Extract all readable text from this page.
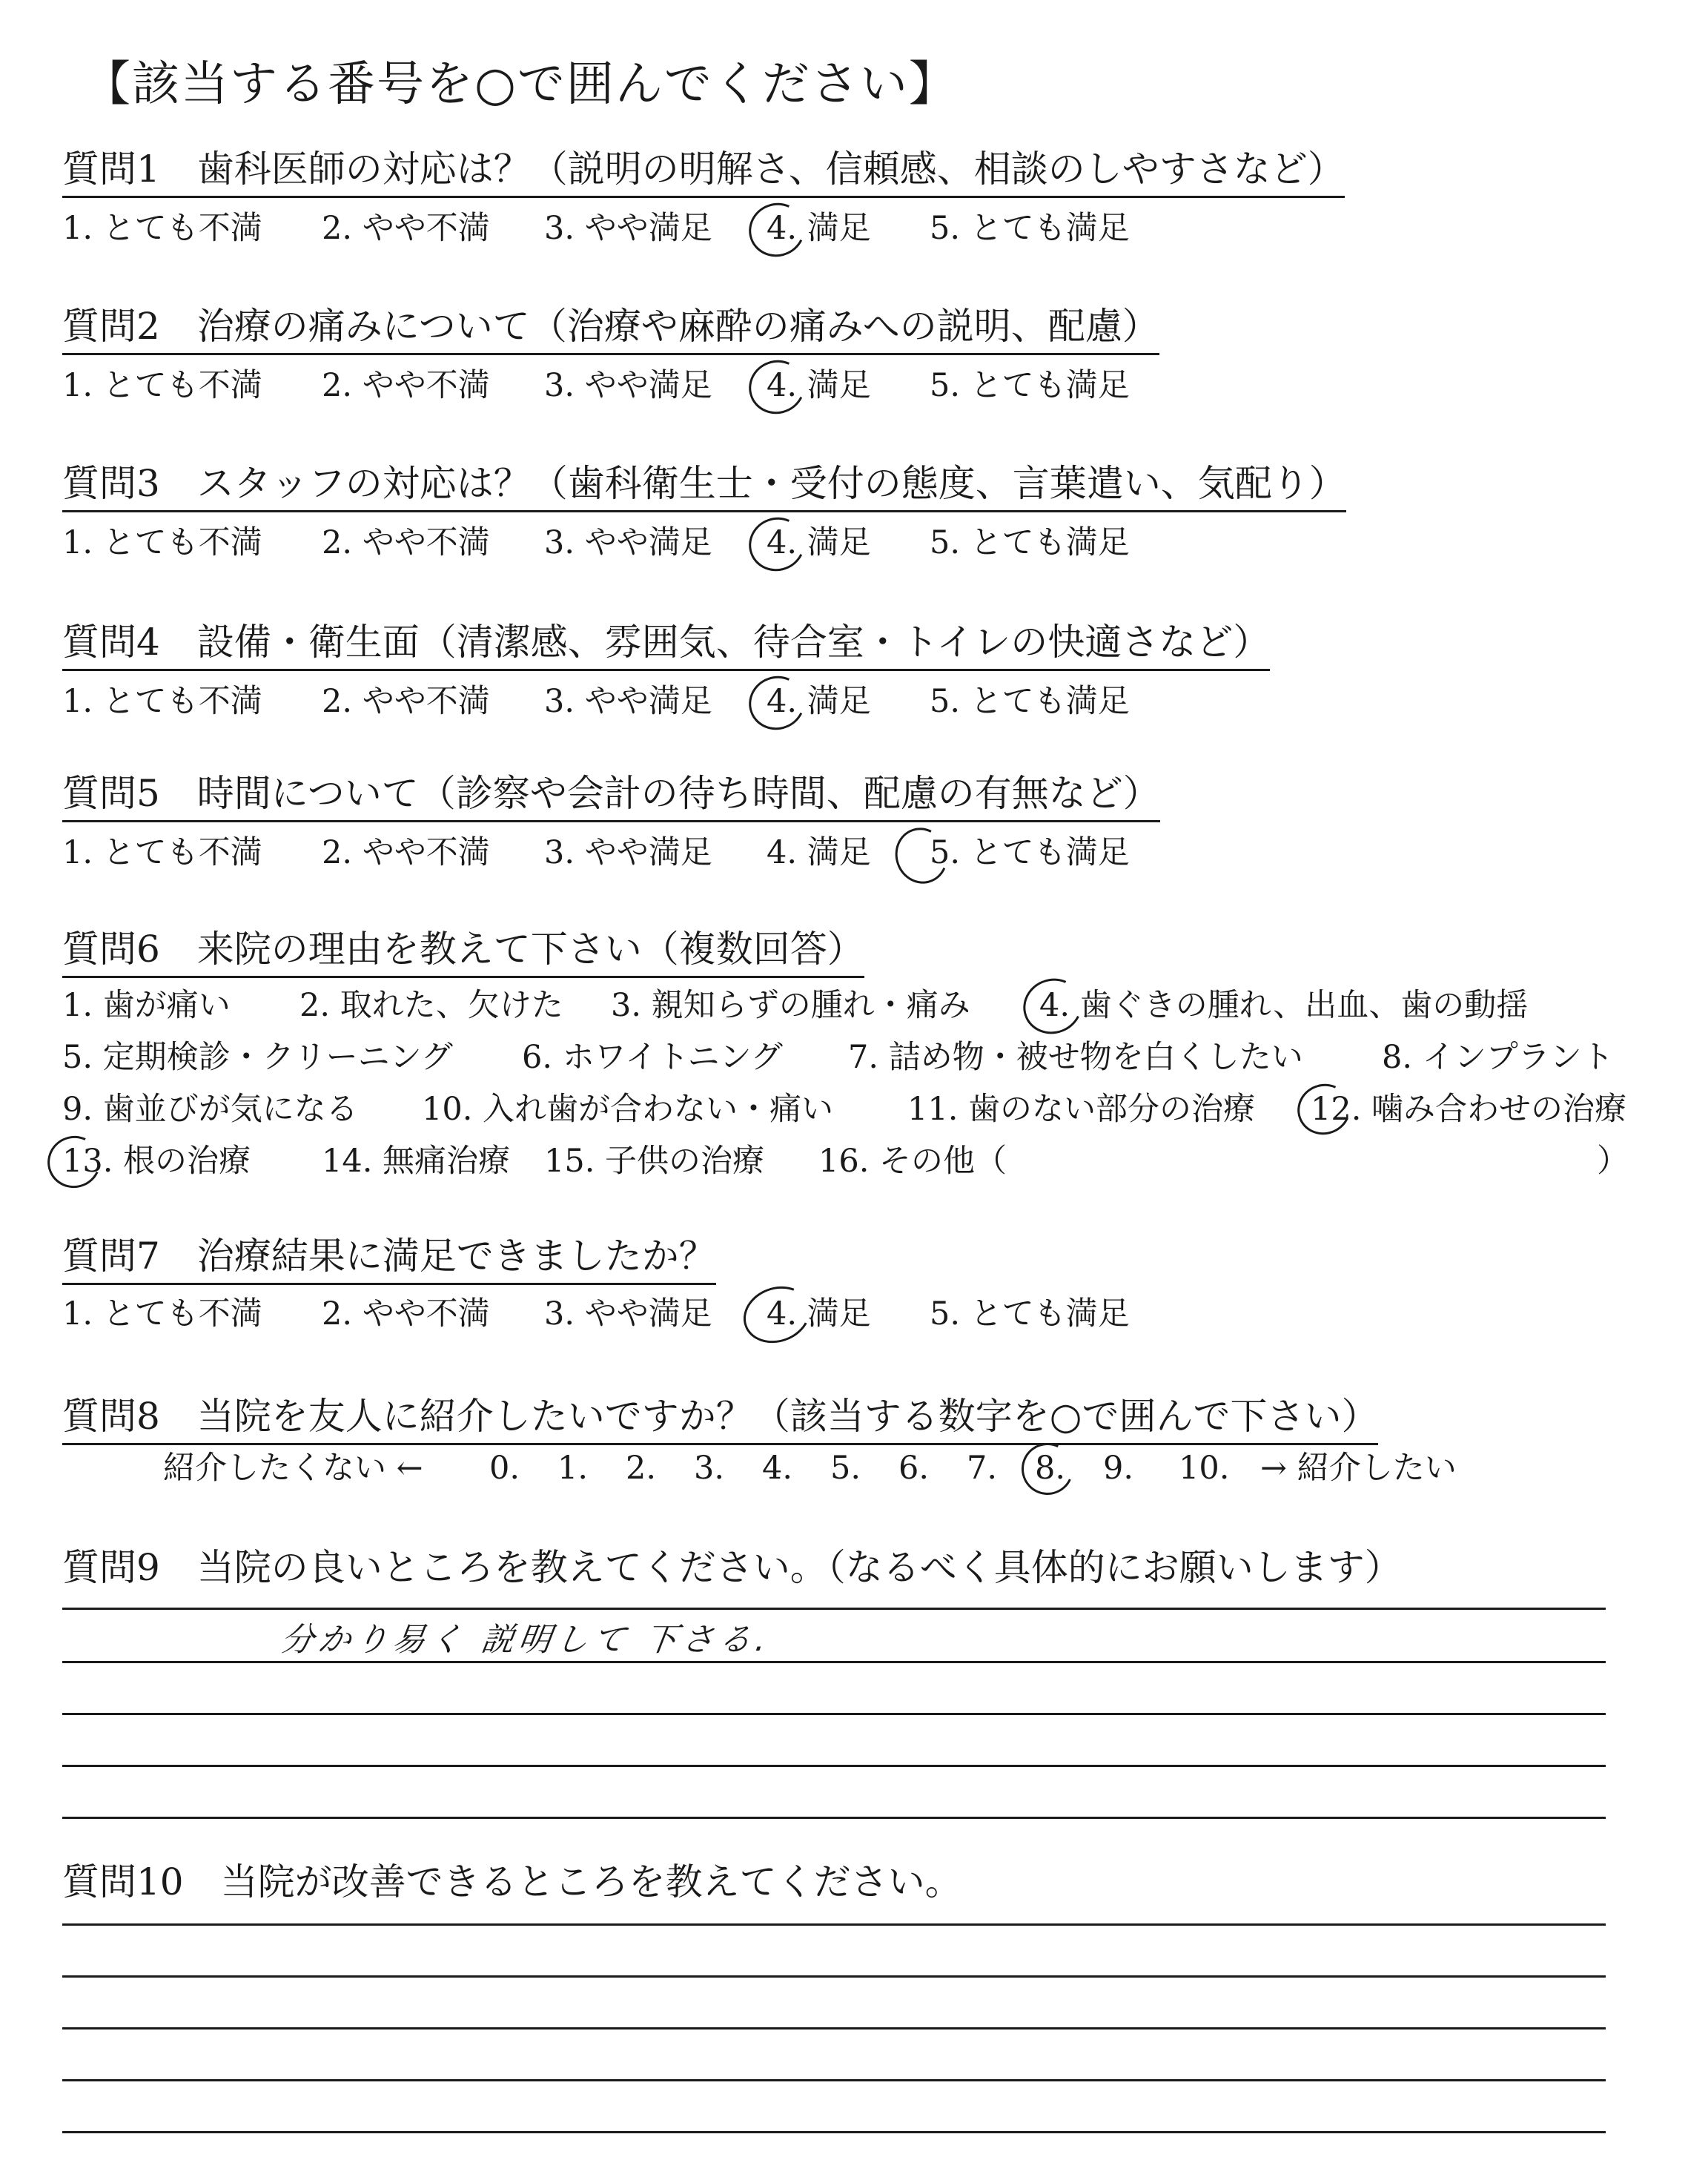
【該当する番号を○で囲んでください】
質問1　歯科医師の対応は？（説明の明解さ、信頼感、相談のしやすさなど）
1. とても不満 2. やや不満 3. やや満足 4. 満足 5. とても満足
質問2　治療の痛みについて（治療や麻酔の痛みへの説明、配慮）
1. とても不満 2. やや不満 3. やや満足 4. 満足 5. とても満足
質問3　スタッフの対応は？（歯科衛生士・受付の態度、言葉遣い、気配り）
1. とても不満 2. やや不満 3. やや満足 4. 満足 5. とても満足
質問4　設備・衛生面（清潔感、雰囲気、待合室・トイレの快適さなど）
1. とても不満 2. やや不満 3. やや満足 4. 満足 5. とても満足
質問5　時間について（診察や会計の待ち時間、配慮の有無など）
1. とても不満 2. やや不満 3. やや満足 4. 満足 5. とても満足
質問6　来院の理由を教えて下さい（複数回答）
1. 歯が痛い 2. 取れた、欠けた 3. 親知らずの腫れ・痛み 4. 歯ぐきの腫れ、出血、歯の動揺
5. 定期検診・クリーニング 6. ホワイトニング 7. 詰め物・被せ物を白くしたい 8. インプラント
9. 歯並びが気になる 10. 入れ歯が合わない・痛い 11. 歯のない部分の治療 12. 噛み合わせの治療
13. 根の治療 14. 無痛治療 15. 子供の治療 16. その他（	）
質問7　治療結果に満足できましたか？
1. とても不満 2. やや不満 3. やや満足 4. 満足 5. とても満足
質問8　当院を友人に紹介したいですか？（該当する数字を○で囲んで下さい）
紹介したくない ← 0. 1. 2. 3. 4. 5. 6. 7. 8. 9. 10. → 紹介したい
質問9　当院の良いところを教えてください。（なるべく具体的にお願いします）
分かり易く 説明して 下さる.
質問10　当院が改善できるところを教えてください。
